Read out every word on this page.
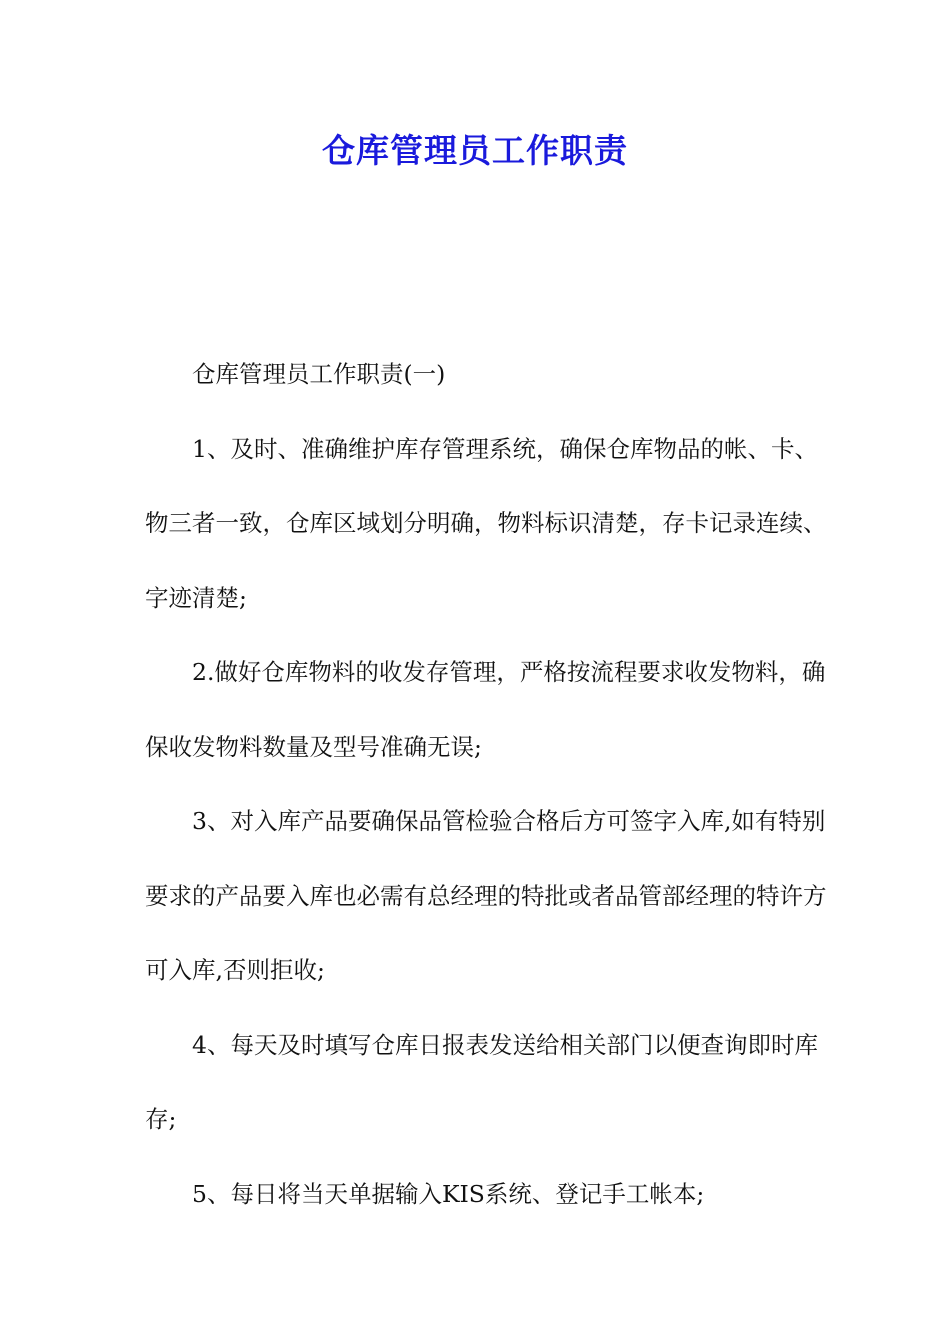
仓库管理员工作职责

仓库管理员工作职责(一)

1、及时、准确维护库存管理系统，确保仓库物品的帐、卡、物三者一致，仓库区域划分明确，物料标识清楚，存卡记录连续、字迹清楚;

2.做好仓库物料的收发存管理，严格按流程要求收发物料，确保收发物料数量及型号准确无误;

3、对入库产品要确保品管检验合格后方可签字入库,如有特别要求的产品要入库也必需有总经理的特批或者品管部经理的特许方可入库,否则拒收;

4、每天及时填写仓库日报表发送给相关部门以便查询即时库存;

5、每日将当天单据输入KIS系统、登记手工帐本;
